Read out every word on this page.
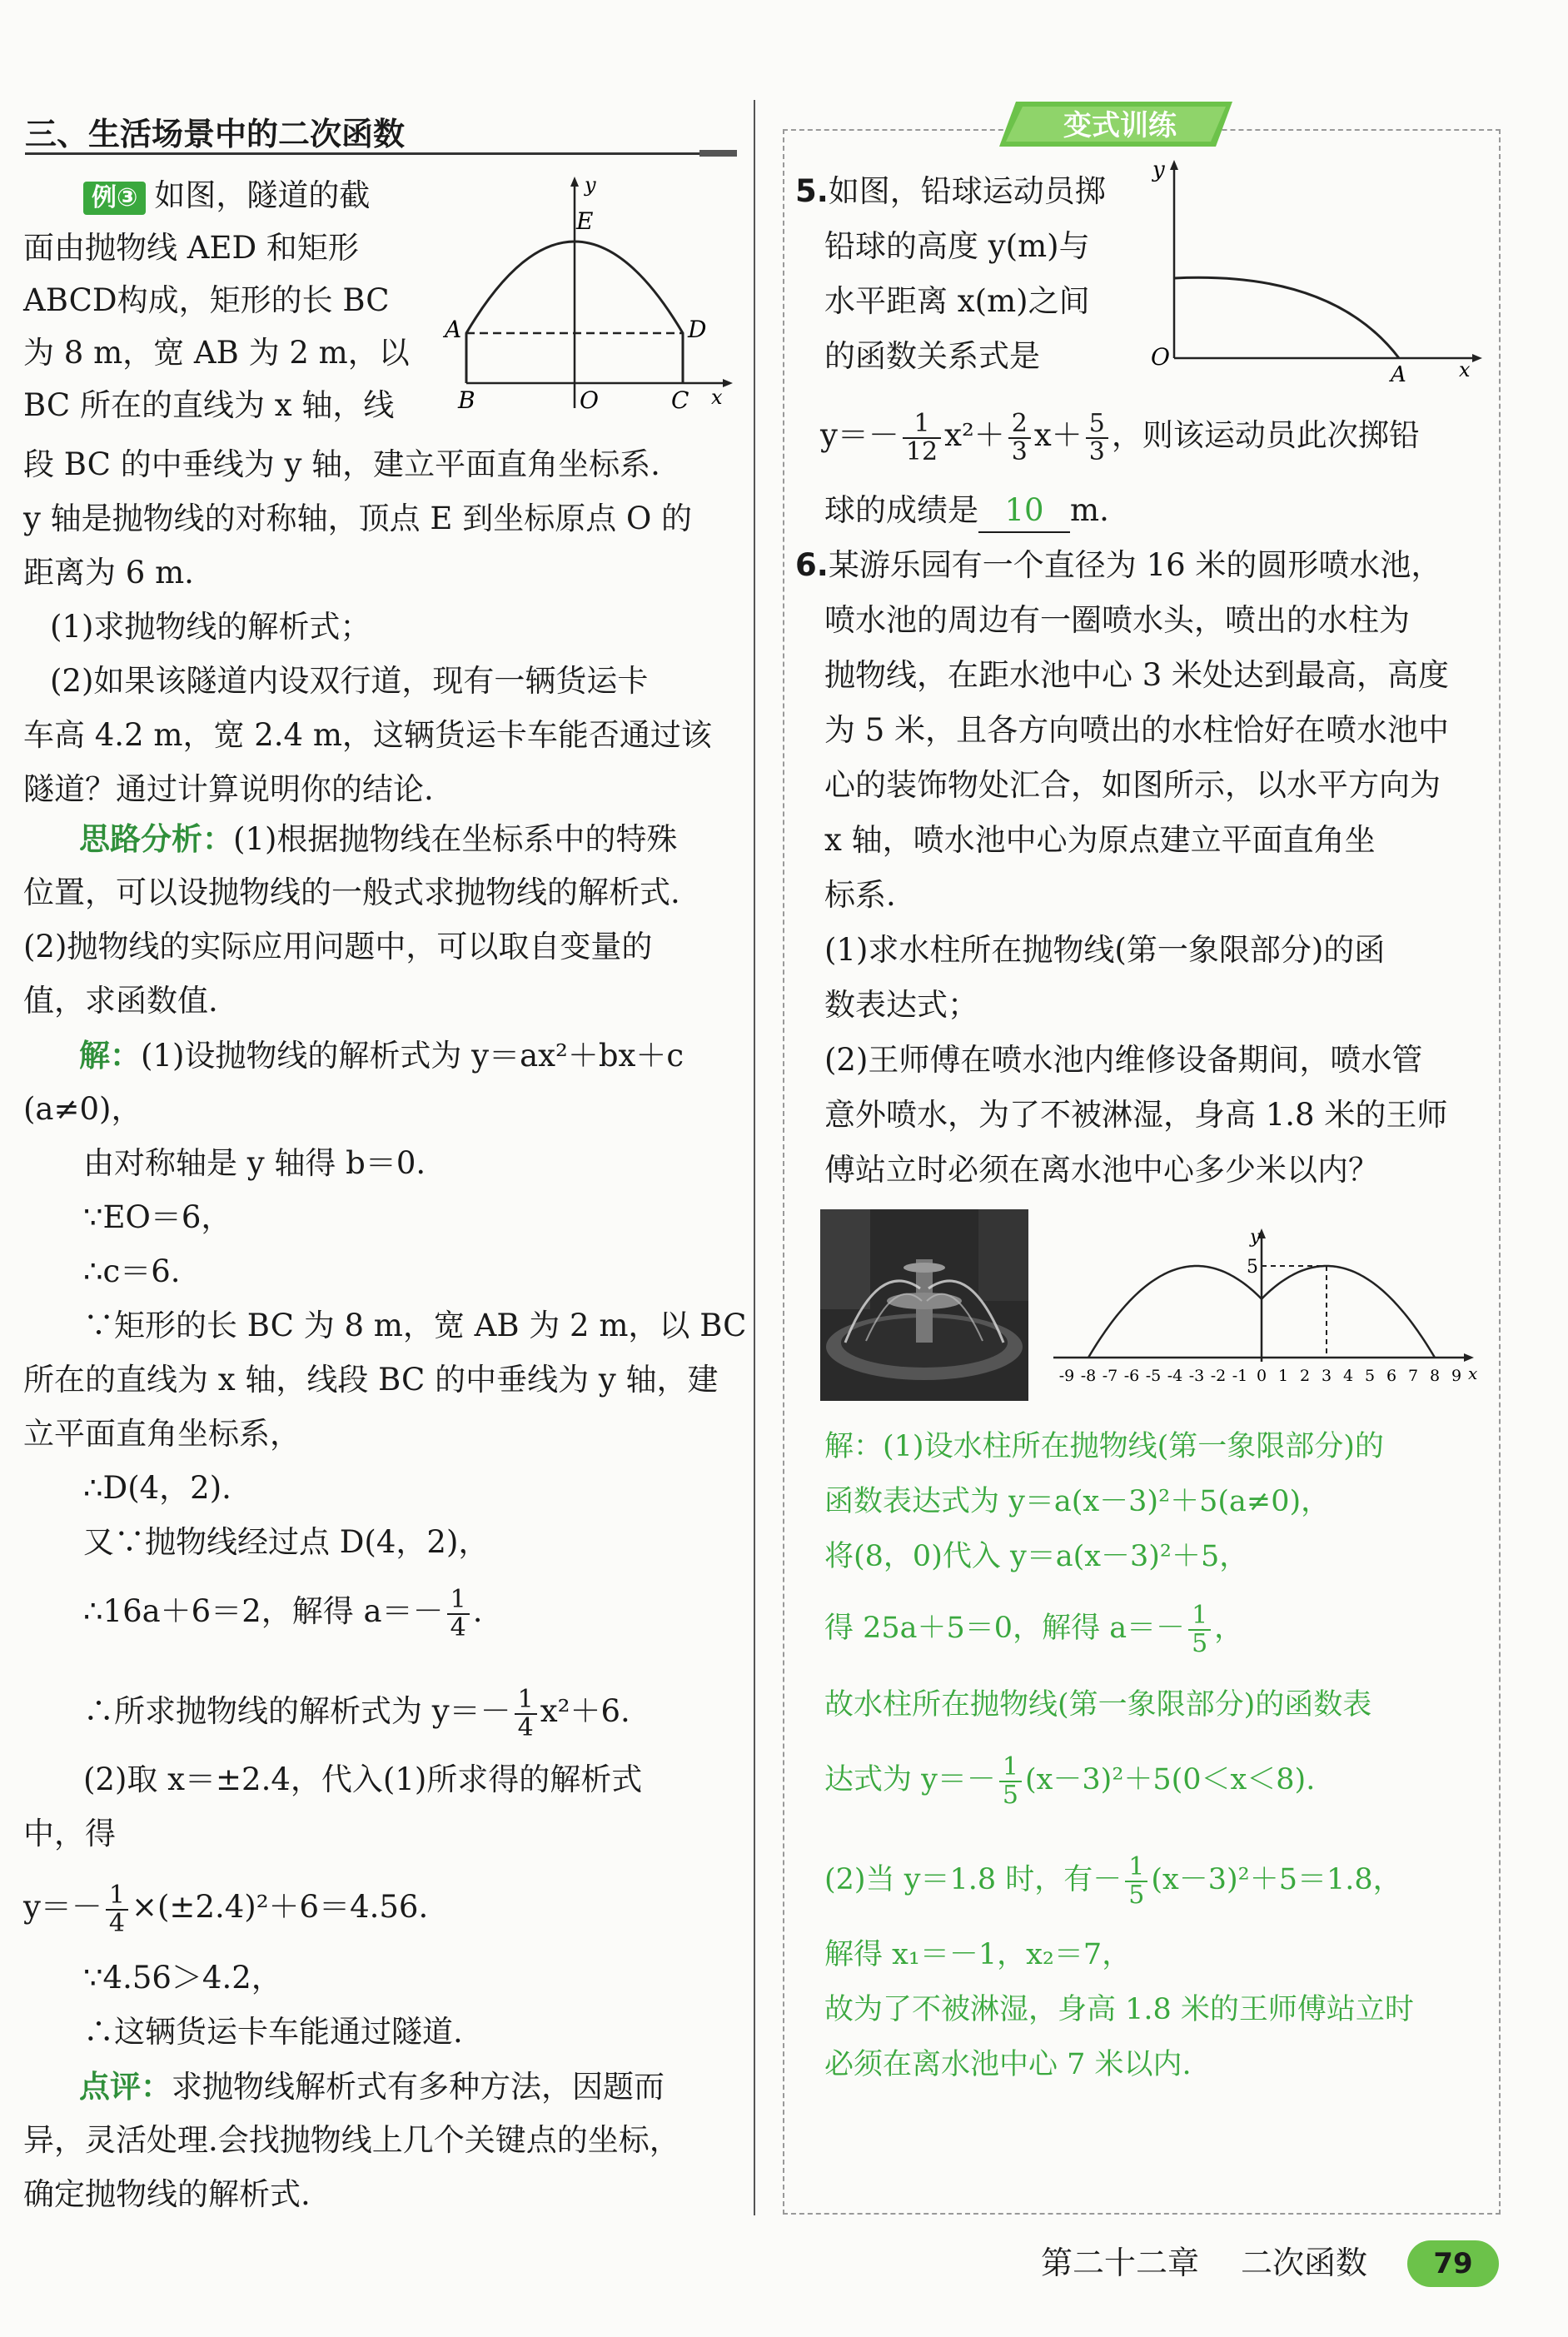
三、生活场景中的二次函数
例③ 如图，隧道的截
面由抛物线 AED 和矩形
ABCD构成，矩形的长 BC
为 8 m，宽 AB 为 2 m，以
BC 所在的直线为 x 轴，线
段 BC 的中垂线为 y 轴，建立平面直角坐标系.
y 轴是抛物线的对称轴，顶点 E 到坐标原点 O 的
距离为 6 m.
(1)求抛物线的解析式；
(2)如果该隧道内设双行道，现有一辆货运卡
车高 4.2 m，宽 2.4 m，这辆货运卡车能否通过该
隧道？通过计算说明你的结论.
y
E
A	D
B	O	C x
思路分析：(1)根据抛物线在坐标系中的特殊
位置，可以设抛物线的一般式求抛物线的解析式.
(2)抛物线的实际应用问题中，可以取自变量的
值，求函数值.
解：(1)设抛物线的解析式为 y＝ax²＋bx＋c
(a≠0)，
由对称轴是 y 轴得 b＝0.
∵EO＝6，
∴c＝6.
∵矩形的长 BC 为 8 m，宽 AB 为 2 m，以 BC
所在的直线为 x 轴，线段 BC 的中垂线为 y 轴，建
立平面直角坐标系，
∴D(4，2).
又∵抛物线经过点 D(4，2)，
∴16a＋6＝2，解得 $a=- \frac{1}{4}$ .
∴所求抛物线的解析式为 $y=- \frac{1}{4} x^2+6$.
(2)取 x＝±2.4，代入(1)所求得的解析式
中，得
$y=- \frac{1}{4} \times(\pm 2.4)^2+6=4.56$.
∵4.56＞4.2，
∴这辆货运卡车能通过隧道.
点评：求抛物线解析式有多种方法，因题而
异，灵活处理.会找抛物线上几个关键点的坐标，
确定抛物线的解析式.
变式训练
5.如图，铅球运动员掷
铅球的高度 y(m)与
水平距离 x(m)之间
的函数关系式是
y
O
A	x
$y=- \frac{1}{12} x^2+ \frac{2}{3} x+ \frac{5}{3}$ ，则该运动员此次掷铅
球的成绩是 10 m.
6.某游乐园有一个直径为 16 米的圆形喷水池，
喷水池的周边有一圈喷水头，喷出的水柱为
抛物线，在距水池中心 3 米处达到最高，高度
为 5 米，且各方向喷出的水柱恰好在喷水池中
心的装饰物处汇合，如图所示，以水平方向为
x 轴，喷水池中心为原点建立平面直角坐
标系.
(1)求水柱所在抛物线(第一象限部分)的函
数表达式；
(2)王师傅在喷水池内维修设备期间，喷水管
意外喷水，为了不被淋湿，身高 1.8 米的王师
傅站立时必须在离水池中心多少米以内？
y
5
x
-9 -8 -7 -6 -5 -4 -3 -2 -1 0 1 2 3 4 5 6 7 8 9
解：(1)设水柱所在抛物线(第一象限部分)的
函数表达式为 y＝a(x－3)²＋5(a≠0)，
将(8，0)代入 y＝a(x－3)²＋5，
得 25a＋5＝0，解得 $a=- \frac{1}{5}$ ，
故水柱所在抛物线(第一象限部分)的函数表
达式为 $y=- \frac{1}{5} (x-3)^2+5(0<x<8)$.
(2)当 y＝1.8 时，有－ $\frac{1}{5} (x-3)^2+5=1.8$，
解得 x₁＝－1，x₂＝7，
故为了不被淋湿，身高 1.8 米的王师傅站立时
必须在离水池中心 7 米以内.
第二十二章 二次函数	79
